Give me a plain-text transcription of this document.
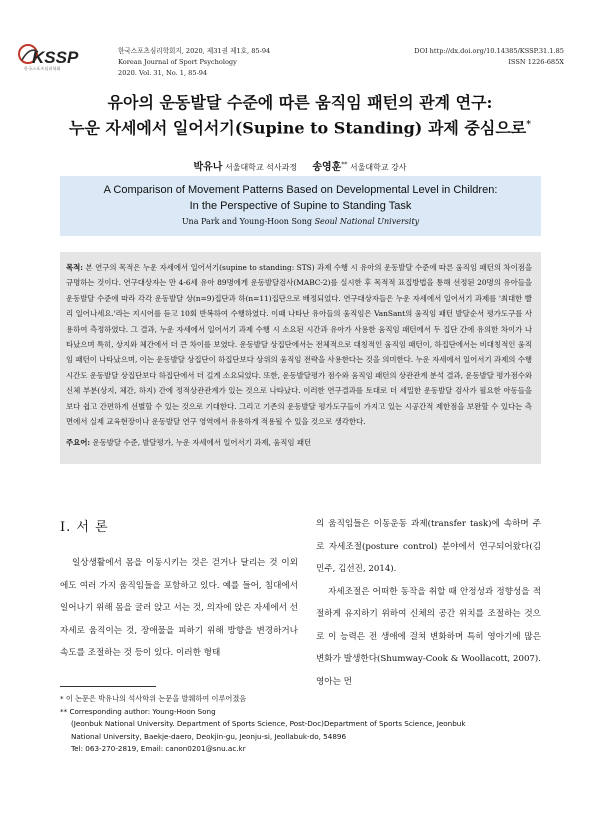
KSSP
한국스포츠심리학회
한국스포츠심리학회지, 2020, 제31권 제1호, 85-94
Korean Journal of Sport Psychology
2020. Vol. 31, No. 1, 85-94
DOI http://dx.doi.org/10.14385/KSSP.31.1.85
ISSN 1226-685X
유아의 운동발달 수준에 따른 움직임 패턴의 관계 연구:
누운 자세에서 일어서기(Supine to Standing) 과제 중심으로*
박유나 서울대학교 석사과정 송영훈** 서울대학교 강사
A Comparison of Movement Patterns Based on Developmental Level in Children:
In the Perspective of Supine to Standing Task
Una Park and Young-Hoon Song Seoul National University
목적: 본 연구의 목적은 누운 자세에서 일어서기(supine to standing: STS) 과제 수행 시 유아의 운동발달 수준에 따른 움직임 패턴의 차이점을 규명하는 것이다. 연구대상자는 만 4-6세 유아 89명에게 운동발달검사(MABC-2)를 실시한 후 목적적 표집방법을 통해 선정된 20명의 유아들을 운동발달 수준에 따라 각각 운동발달 상(n=9)집단과 하(n=11)집단으로 배정되었다. 연구대상자들은 누운 자세에서 일어서기 과제를 '최대한 빨리 일어나세요.'라는 지시어를 듣고 10회 반복하여 수행하였다. 이때 나타난 유아들의 움직임은 VanSant의 움직임 패턴 발달순서 평가도구를 사용하여 측정하였다. 그 결과, 누운 자세에서 일어서기 과제 수행 시 소요된 시간과 유아가 사용한 움직임 패턴에서 두 집단 간에 유의한 차이가 나타났으며 특히, 상지와 체간에서 더 큰 차이를 보였다. 운동발달 상집단에서는 전체적으로 대칭적인 움직임 패턴이, 하집단에서는 비대칭적인 움직임 패턴이 나타났으며, 이는 운동발달 상집단이 하집단보다 상위의 움직임 전략을 사용한다는 것을 의미한다. 누운 자세에서 일어서기 과제의 수행시간도 운동발달 상집단보다 하집단에서 더 길게 소요되었다. 또한, 운동발달평가 점수와 움직임 패턴의 상관관계 분석 결과, 운동발달 평가점수와 신체 부분(상지, 체간, 하지) 간에 정적상관관계가 있는 것으로 나타났다. 이러한 연구결과를 토대로 더 세밀한 운동발달 검사가 필요한 아동들을 보다 쉽고 간편하게 선별할 수 있는 것으로 기대한다. 그리고 기존의 운동발달 평가도구들이 가지고 있는 시공간적 제한점을 보완할 수 있다는 측면에서 실제 교육현장이나 운동발달 연구 영역에서 유용하게 적용될 수 있을 것으로 생각한다.
주요어: 운동발달 수준, 발달평가, 누운 자세에서 일어서기 과제, 움직임 패턴
Ⅰ. 서 론
일상생활에서 몸을 이동시키는 것은 걷거나 달리는 것 이외에도 여러 가지 움직임들을 포함하고 있다. 예를 들어, 침대에서 일어나기 위해 몸을 굴러 앉고 서는 것, 의자에 앉은 자세에서 선 자세로 움직이는 것, 장애물을 피하기 위해 방향을 변경하거나 속도를 조절하는 것 등이 있다. 이러한 형태

의 움직임들은 이동운동 과제(transfer task)에 속하며 주로 자세조절(posture control) 분야에서 연구되어왔다(김민주, 김선진, 2014).

자세조절은 어떠한 동작을 취할 때 안정성과 정향성을 적절하게 유지하기 위하여 신체의 공간 위치를 조절하는 것으로 이 능력은 전 생애에 걸쳐 변화하며 특히 영아기에 많은 변화가 발생한다(Shumway-Cook & Woollacott, 2007). 영아는 먼

* 이 논문은 박유나의 석사학위 논문을 발췌하여 이루어졌음
** Corresponding author: Young-Hoon Song
(Jeonbuk National University. Department of Sports Science, Post-Doc)Department of Sports Science, Jeonbuk
National University, Baekje-daero, Deokjin-gu, Jeonju-si, Jeollabuk-do, 54896
Tel: 063-270-2819, Email: canon0201@snu.ac.kr
